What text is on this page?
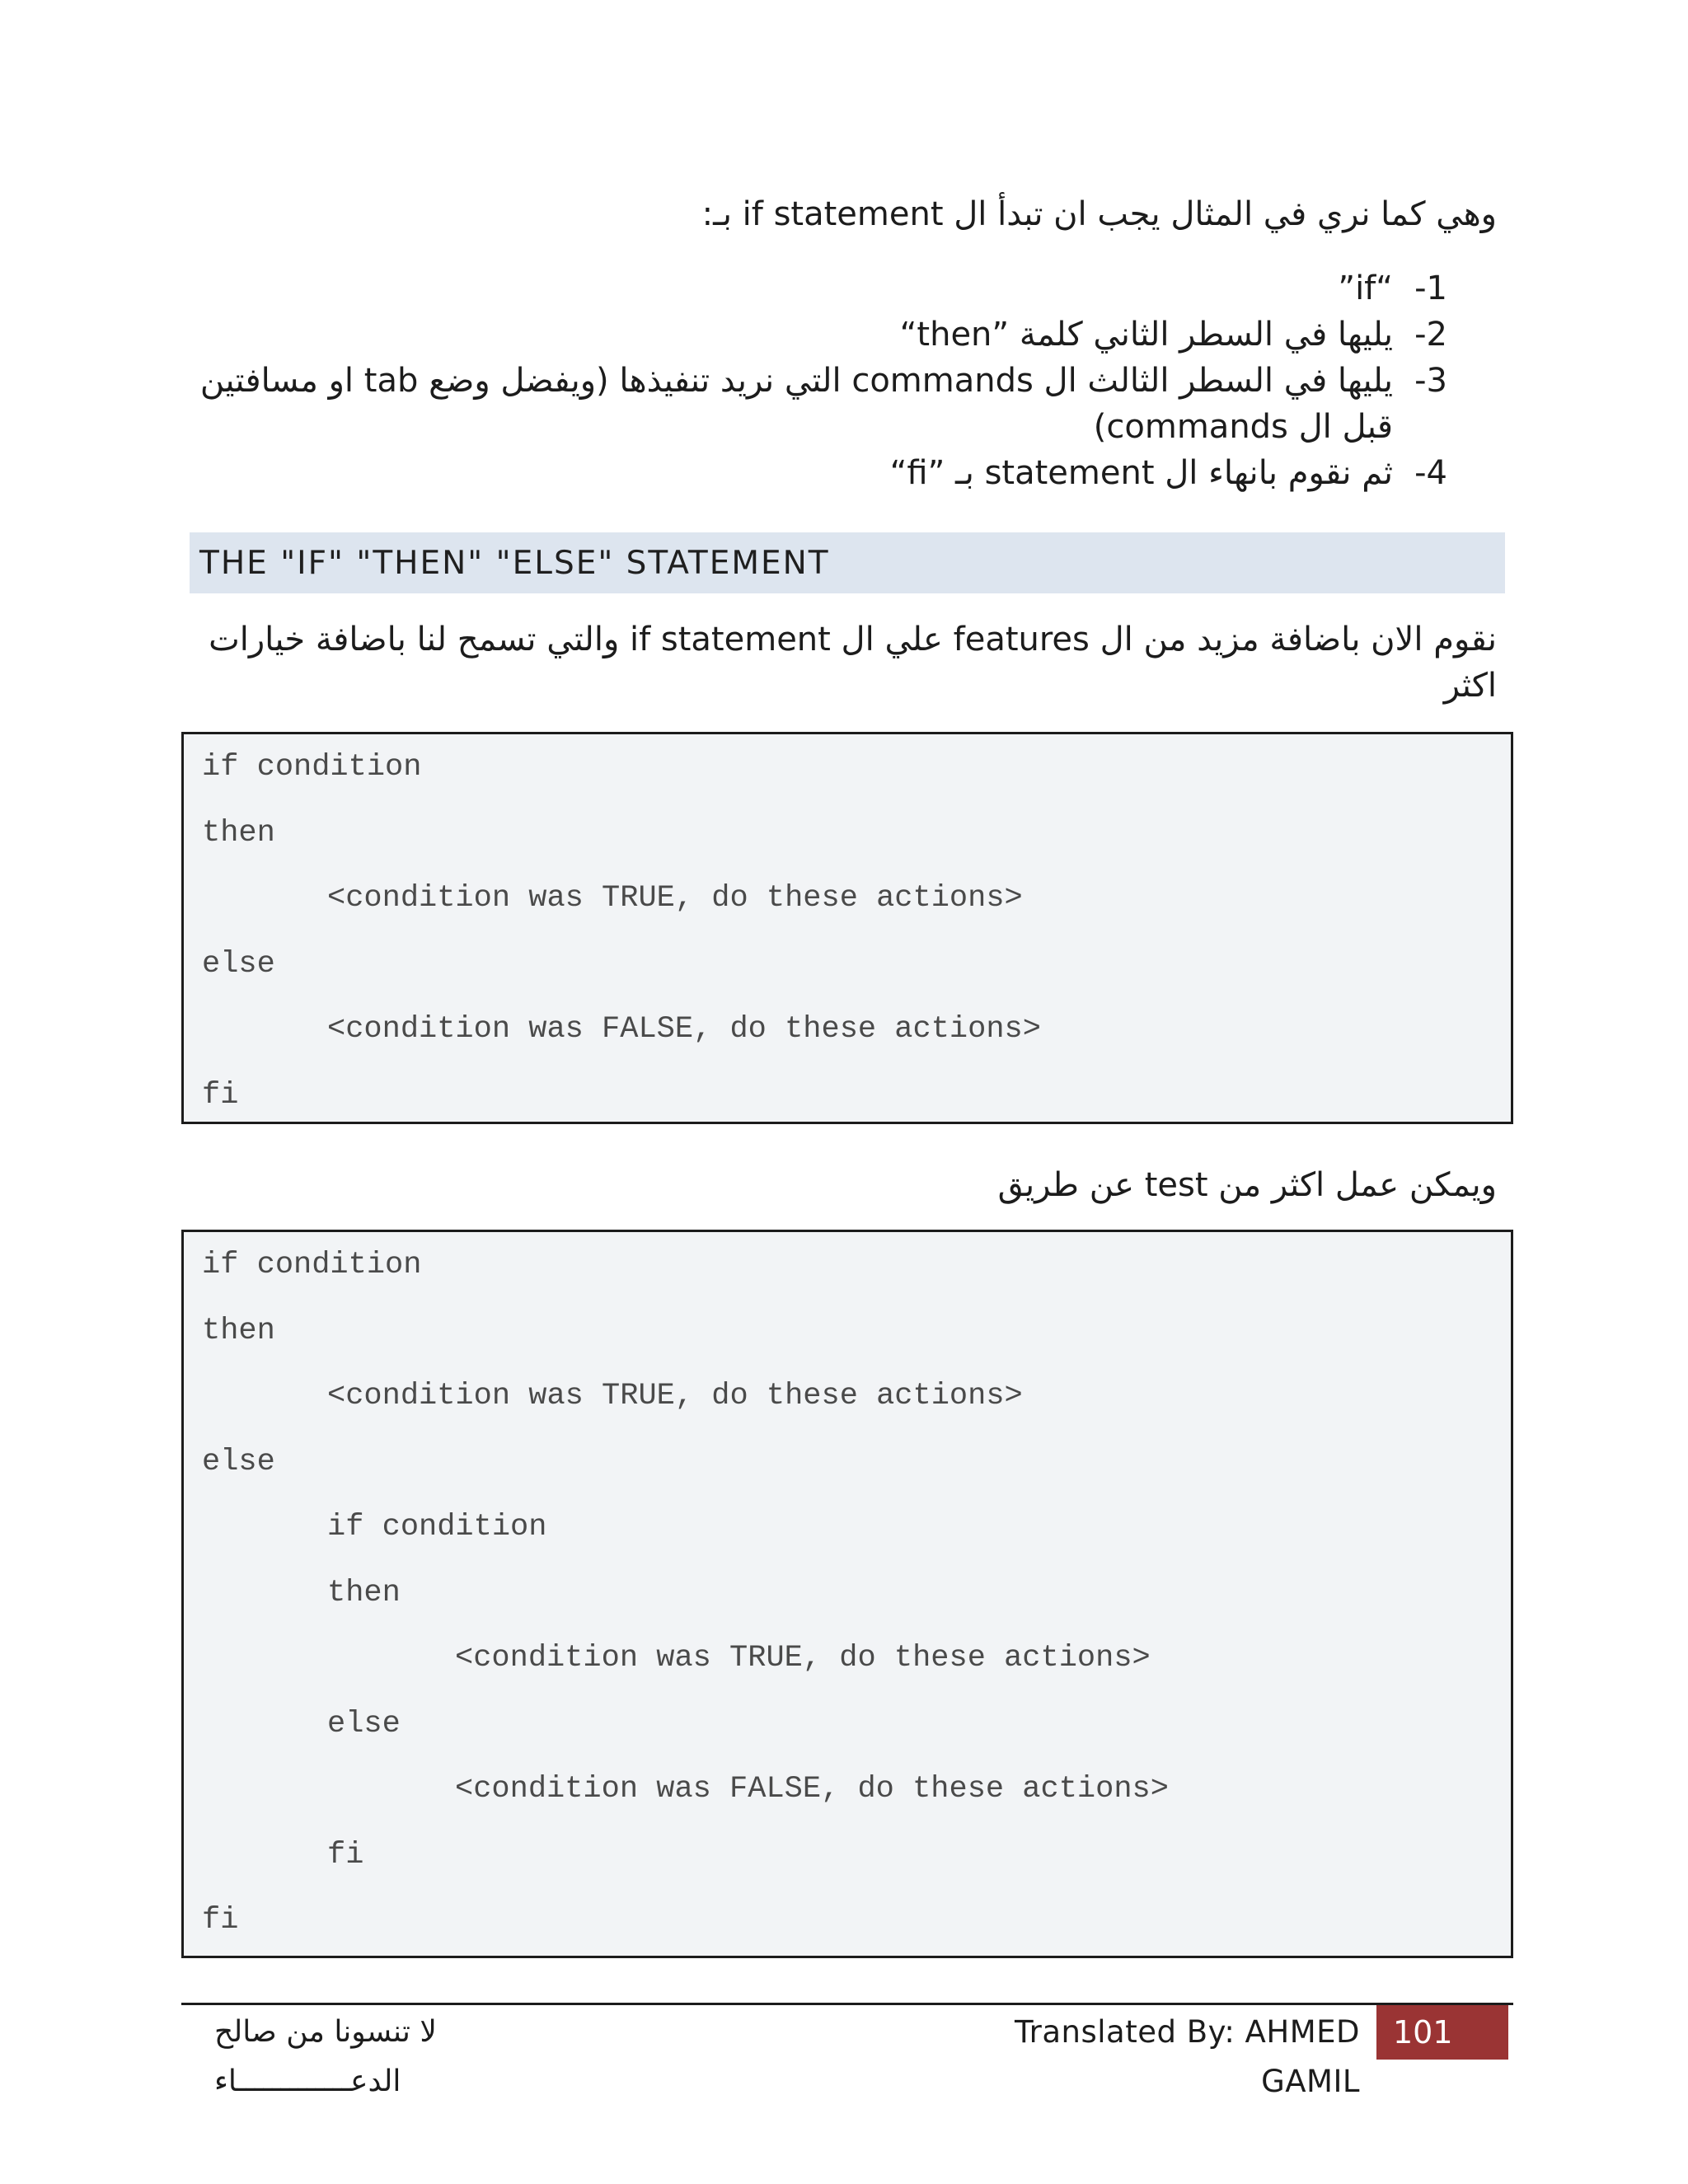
وهي كما نري في المثال يجب ان تبدأ ال if statement بـ:
-1
“if”
-2
يليها في السطر الثاني كلمة ”then“
-3
يليها في السطر الثالث ال commands التي نريد تنفيذها (ويفضل وضع tab او مسافتين قبل ال commands)
-4
ثم نقوم بانهاء ال statement بـ ”fi“
THE "IF" "THEN" "ELSE" STATEMENT
نقوم الان باضافة مزيد من ال features علي ال if statement والتي تسمح لنا باضافة خيارات اكثر
if condition
then
<condition was TRUE, do these actions>
else
<condition was FALSE, do these actions>
fi
ويمكن عمل اكثر من test عن طريق
if condition
then
<condition was TRUE, do these actions>
else
if condition
then
<condition was TRUE, do these actions>
else
<condition was FALSE, do these actions>
fi
fi
لا تنسونا من صالح الدعـــــــــــــاء
Translated By: AHMED GAMIL
101
